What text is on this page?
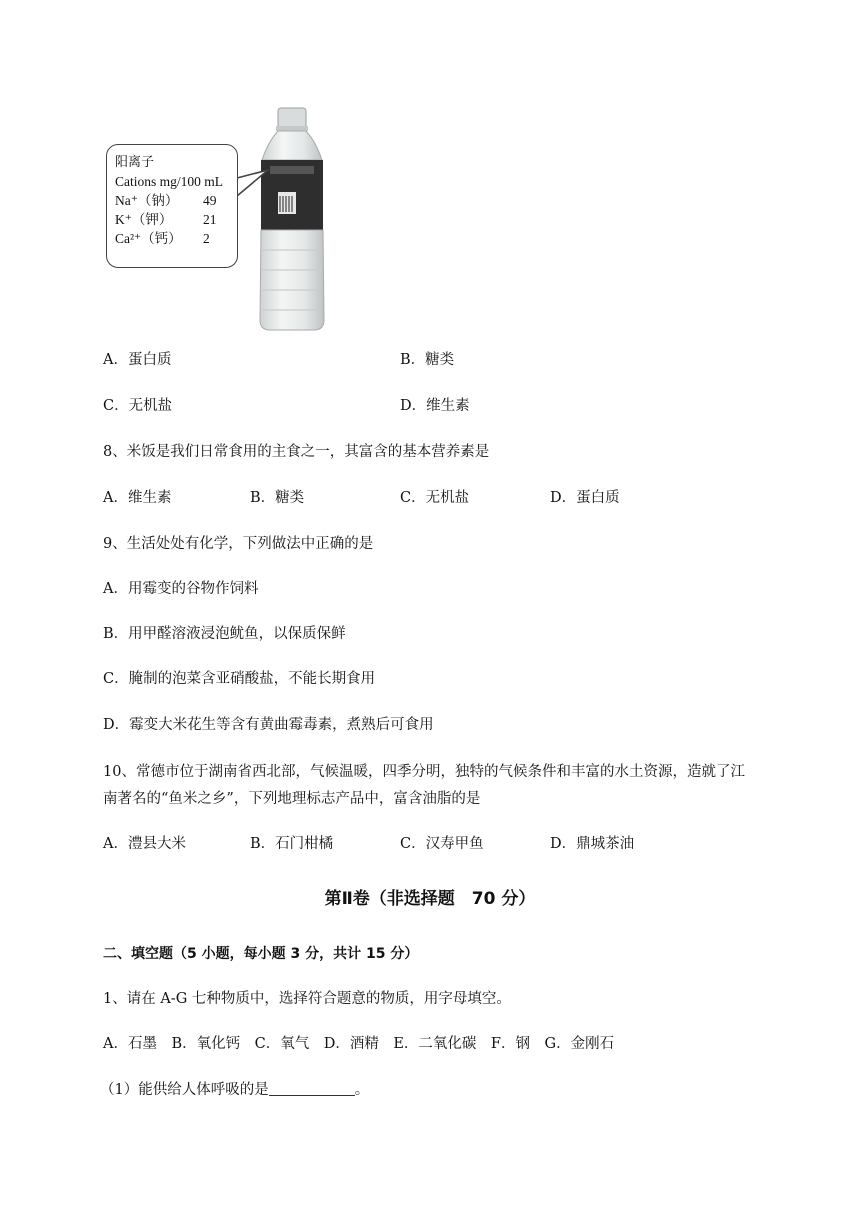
阳离子
Cations mg/100 mL
Na⁺（钠） 49
K⁺（钾） 21
Ca²⁺（钙） 2
A．蛋白质	B．糖类
C．无机盐	D．维生素
8、米饭是我们日常食用的主食之一，其富含的基本营养素是
A．维生素	B．糖类	C．无机盐	D．蛋白质
9、生活处处有化学，下列做法中正确的是
A．用霉变的谷物作饲料
B．用甲醛溶液浸泡鱿鱼，以保质保鲜
C．腌制的泡菜含亚硝酸盐，不能长期食用
D．霉变大米花生等含有黄曲霉毒素，煮熟后可食用
10、常德市位于湖南省西北部，气候温暖，四季分明，独特的气候条件和丰富的水土资源，造就了江
南著名的“鱼米之乡”，下列地理标志产品中，富含油脂的是
A．澧县大米	B．石门柑橘	C．汉寿甲鱼	D．鼎城茶油
第Ⅱ卷（非选择题　70 分）
二、填空题（5 小题，每小题 3 分，共计 15 分）
1、请在 A-G 七种物质中，选择符合题意的物质，用字母填空。
A．石墨　B．氧化钙　C．氧气　D．酒精　E．二氧化碳　F．钢　G．金刚石
（1）能供给人体呼吸的是	。
